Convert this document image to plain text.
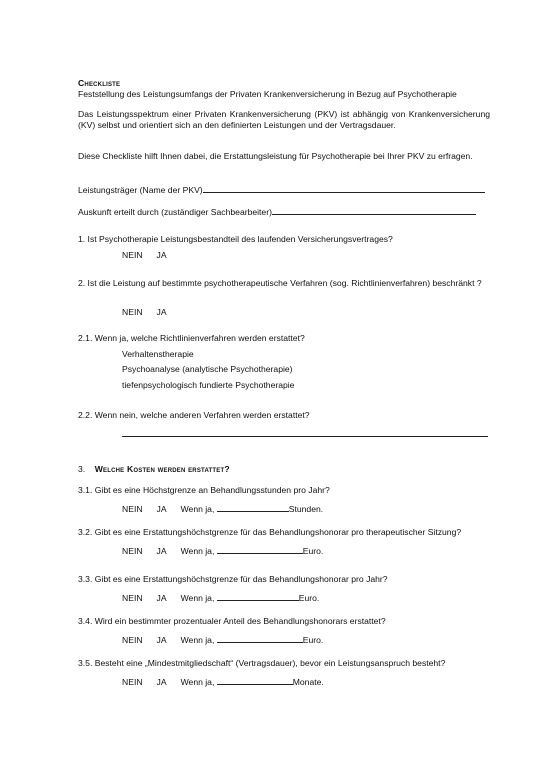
Checkliste
Feststellung des Leistungsumfangs der Privaten Krankenversicherung in Bezug auf Psychotherapie
Das Leistungsspektrum einer Privaten Krankenversicherung (PKV) ist abhängig von Krankenversicherung (KV) selbst und orientiert sich an den definierten Leistungen und der Vertragsdauer.
Diese Checkliste hilft Ihnen dabei, die Erstattungsleistung für Psychotherapie bei Ihrer PKV zu erfragen.
Leistungsträger (Name der PKV)
Auskunft erteilt durch (zuständiger Sachbearbeiter)
1. Ist Psychotherapie Leistungsbestandteil des laufenden Versicherungsvertrages?
NEIN JA
2. Ist die Leistung auf bestimmte psychotherapeutische Verfahren (sog. Richtlinienverfahren) beschränkt ?
NEIN JA
2.1. Wenn ja, welche Richtlinienverfahren werden erstattet?
Verhaltenstherapie
Psychoanalyse (analytische Psychotherapie)
tiefenpsychologisch fundierte Psychotherapie
2.2. Wenn nein, welche anderen Verfahren werden erstattet?
3. Welche Kosten werden erstattet?
3.1. Gibt es eine Höchstgrenze an Behandlungsstunden pro Jahr?
NEIN JA Wenn ja,	Stunden.
3.2. Gibt es eine Erstattungshöchstgrenze für das Behandlungshonorar pro therapeutischer Sitzung?
NEIN JA Wenn ja,	Euro.
3.3. Gibt es eine Erstattungshöchstgrenze für das Behandlungshonorar pro Jahr?
NEIN JA Wenn ja,	Euro.
3.4. Wird ein bestimmter prozentualer Anteil des Behandlungshonorars erstattet?
NEIN JA Wenn ja,	Euro.
3.5. Besteht eine „Mindestmitgliedschaft“ (Vertragsdauer), bevor ein Leistungsanspruch besteht?
NEIN JA Wenn ja,	Monate.
